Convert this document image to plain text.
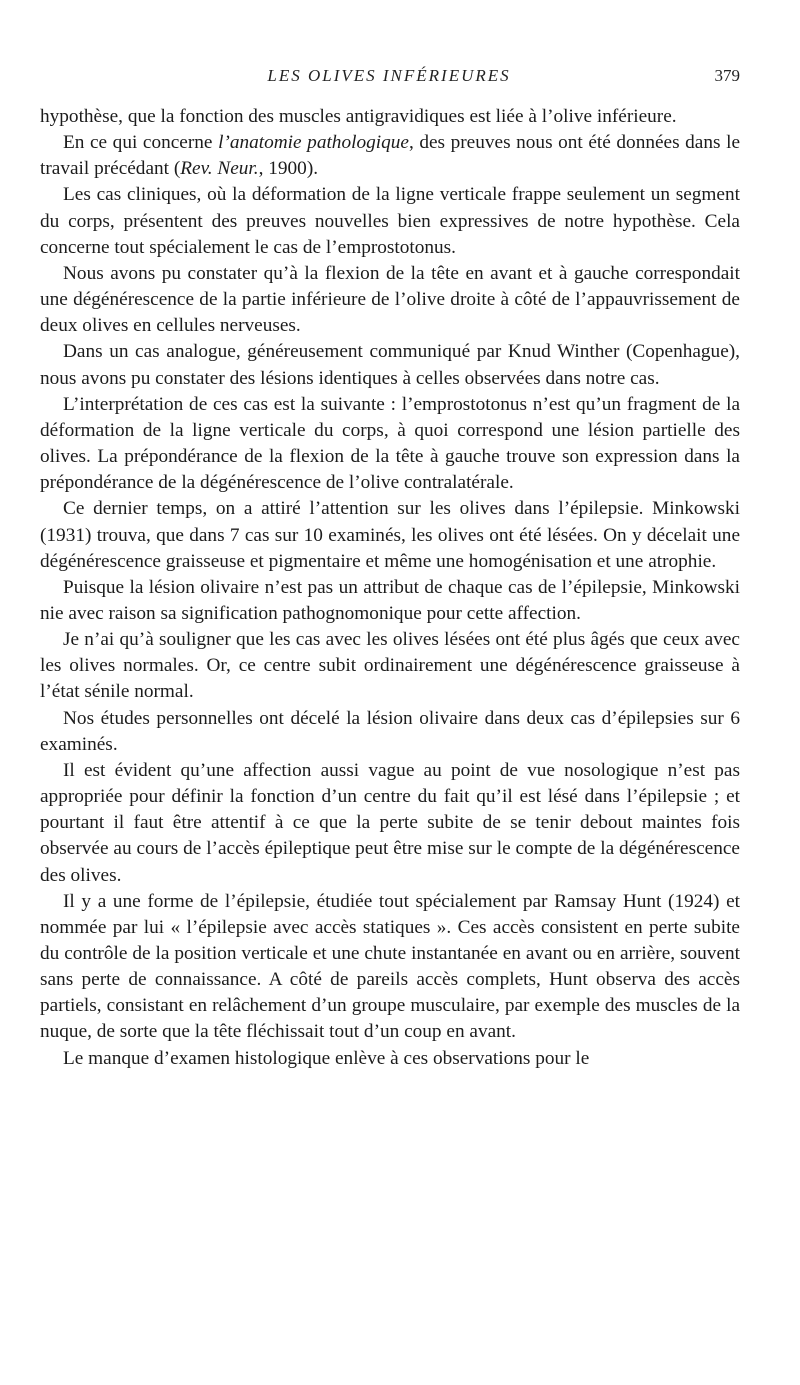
LES OLIVES INFÉRIEURES	379

hypothèse, que la fonction des muscles antigravidiques est liée à l’olive inférieure.

En ce qui concerne l’anatomie pathologique, des preuves nous ont été données dans le travail précédant (Rev. Neur., 1900).

Les cas cliniques, où la déformation de la ligne verticale frappe seulement un segment du corps, présentent des preuves nouvelles bien expressives de notre hypothèse. Cela concerne tout spécialement le cas de l’emprostotonus.

Nous avons pu constater qu’à la flexion de la tête en avant et à gauche correspondait une dégénérescence de la partie inférieure de l’olive droite à côté de l’appauvrissement de deux olives en cellules nerveuses.

Dans un cas analogue, généreusement communiqué par Knud Winther (Copenhague), nous avons pu constater des lésions identiques à celles observées dans notre cas.

L’interprétation de ces cas est la suivante : l’emprostotonus n’est qu’un fragment de la déformation de la ligne verticale du corps, à quoi correspond une lésion partielle des olives. La prépondérance de la flexion de la tête à gauche trouve son expression dans la prépondérance de la dégénérescence de l’olive contralatérale.

Ce dernier temps, on a attiré l’attention sur les olives dans l’épilepsie. Minkowski (1931) trouva, que dans 7 cas sur 10 examinés, les olives ont été lésées. On y décelait une dégénérescence graisseuse et pigmentaire et même une homogénisation et une atrophie.

Puisque la lésion olivaire n’est pas un attribut de chaque cas de l’épilepsie, Minkowski nie avec raison sa signification pathognomonique pour cette affection.

Je n’ai qu’à souligner que les cas avec les olives lésées ont été plus âgés que ceux avec les olives normales. Or, ce centre subit ordinairement une dégénérescence graisseuse à l’état sénile normal.

Nos études personnelles ont décelé la lésion olivaire dans deux cas d’épilepsies sur 6 examinés.

Il est évident qu’une affection aussi vague au point de vue nosologique n’est pas appropriée pour définir la fonction d’un centre du fait qu’il est lésé dans l’épilepsie ; et pourtant il faut être attentif à ce que la perte subite de se tenir debout maintes fois observée au cours de l’accès épileptique peut être mise sur le compte de la dégénérescence des olives.

Il y a une forme de l’épilepsie, étudiée tout spécialement par Ramsay Hunt (1924) et nommée par lui « l’épilepsie avec accès statiques ». Ces accès consistent en perte subite du contrôle de la position verticale et une chute instantanée en avant ou en arrière, souvent sans perte de connaissance. A côté de pareils accès complets, Hunt observa des accès partiels, consistant en relâchement d’un groupe musculaire, par exemple des muscles de la nuque, de sorte que la tête fléchissait tout d’un coup en avant.

Le manque d’examen histologique enlève à ces observations pour le
